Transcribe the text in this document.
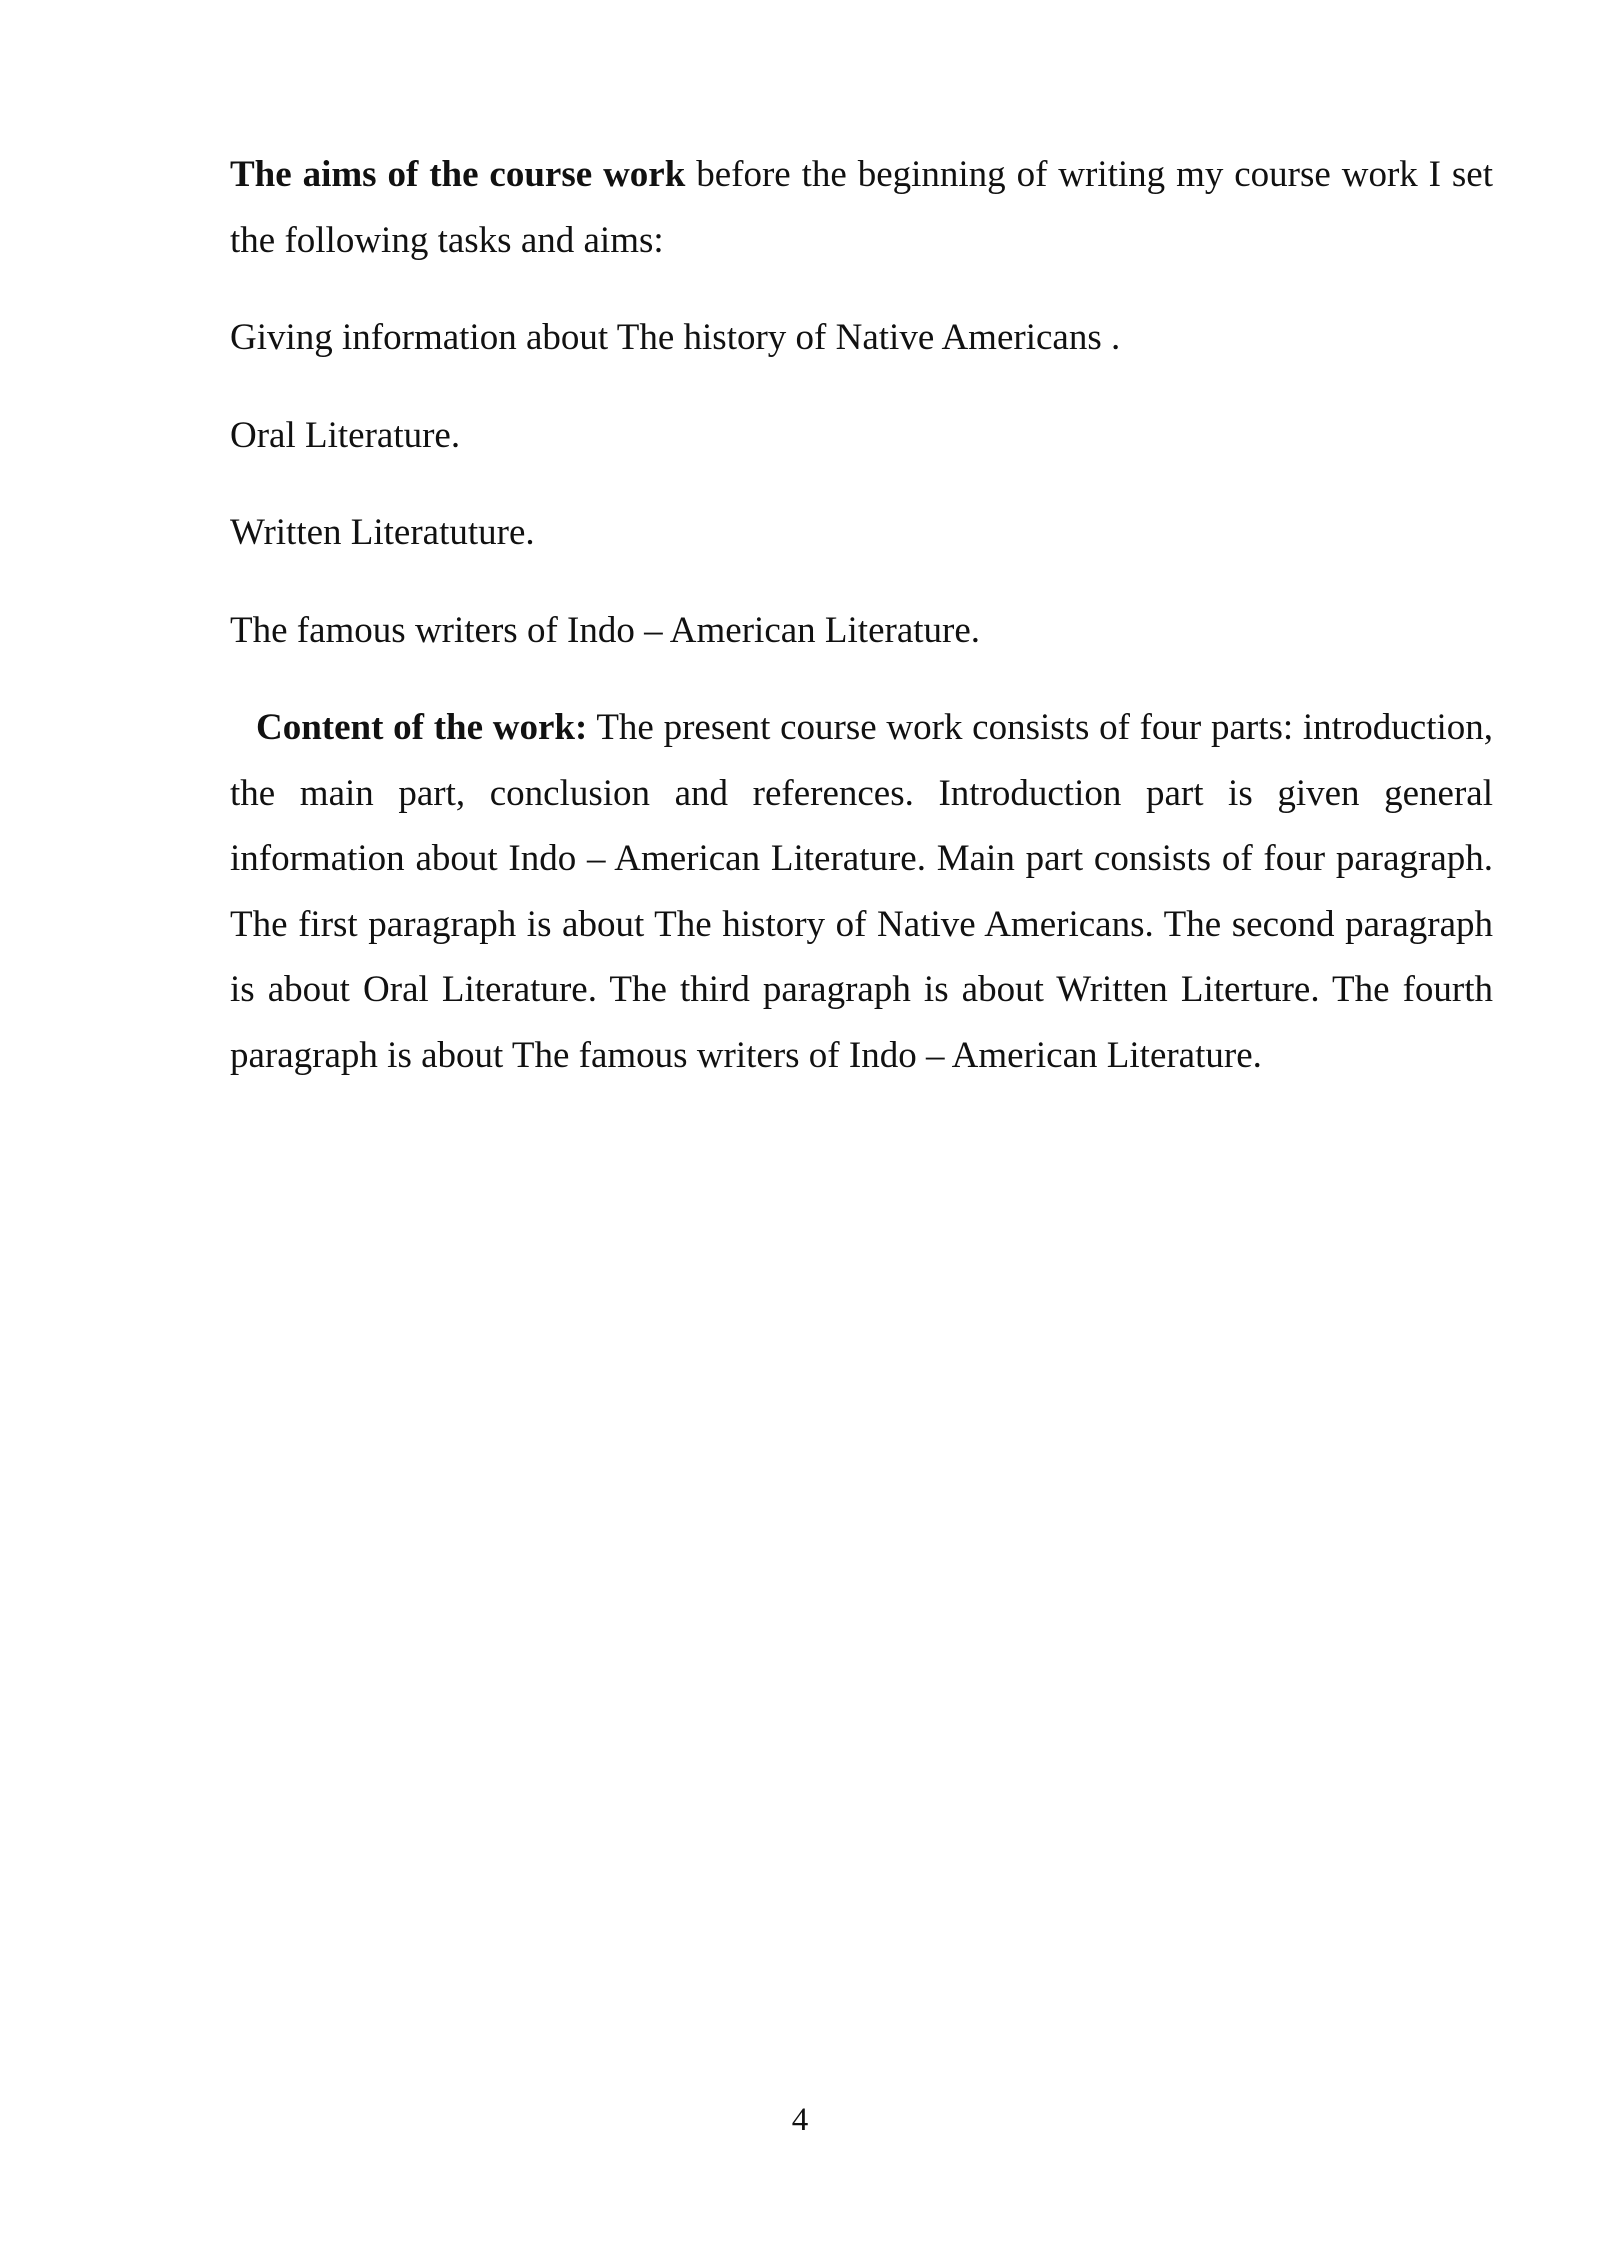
The aims of the course work before the beginning of writing my course work I set the following tasks and aims:

Giving information about The history of Native Americans .

Oral Literature.

Written Literatuture.

The famous writers of Indo – American Literature.

Content of the work: The present course work consists of four parts: introduction, the main part, conclusion and references. Introduction part is given general information about Indo – American Literature. Main part consists of four paragraph. The first paragraph is about The history of Native Americans. The second paragraph is about Oral Literature. The third paragraph is about Written Literture. The fourth paragraph is about The famous writers of Indo – American Literature.

4
